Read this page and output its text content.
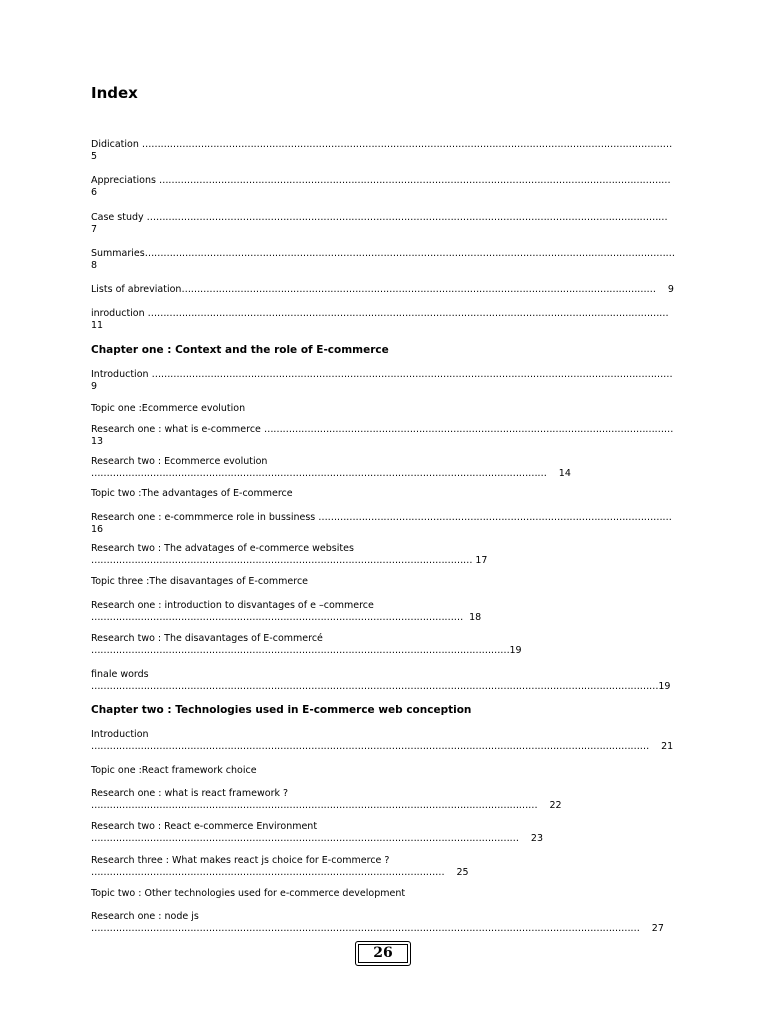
Index
Didication ………………………………………………………………………………………………………………………………………………………
5
Appreciations …………………………………………………………………………………………………………………………………………………
6
Case study ……………………………………………………………………………………………………………………………………………………
7
Summaries………………………………………………………………………………………………………………………………………………………
8
Lists of abreviation……………………………………………………………………………………………………………………………………… 9
inroduction ……………………………………………………………………………………………………………………………………………………
11
Chapter one : Context and the role of E-commerce
Introduction ……………………………………………………………………………………………………………………………………………………
9
Topic one :Ecommerce evolution
Research one : what is e-commerce ……………………………………………………………………………………………………………………
13
Research two : Ecommerce evolution
………………………………………………………………………………………………………………………………… 14
Topic two :The advantages of E-commerce
Research one : e-commmerce role in bussiness ……………………………………………………………………………………………………
16
Research two : The advatages of e-commerce websites
…………………………………………………………………………………………………………… 17
Topic three :The disavantages of E-commerce
Research one : introduction to disvantages of e –commerce
………………………………………………………………………………………………………… 18
Research two : The disavantages of E-commercé
………………………………………………………………………………………………………………………19
finale words
…………………………………………………………………………………………………………………………………………………………………19
Chapter two : Technologies used in E-commerce web conception
Introduction
……………………………………………………………………………………………………………………………………………………………… 21
Topic one :React framework choice
Research one : what is react framework ?
……………………………………………………………………………………………………………………………… 22
Research two : React e-commerce Environment
………………………………………………………………………………………………………………………… 23
Research three : What makes react js choice for E-commerce ?
…………………………………………………………………………………………………… 25
Topic two : Other technologies used for e-commerce development
Research one : node js
…………………………………………………………………………………………………………………………………………………………… 27
26
